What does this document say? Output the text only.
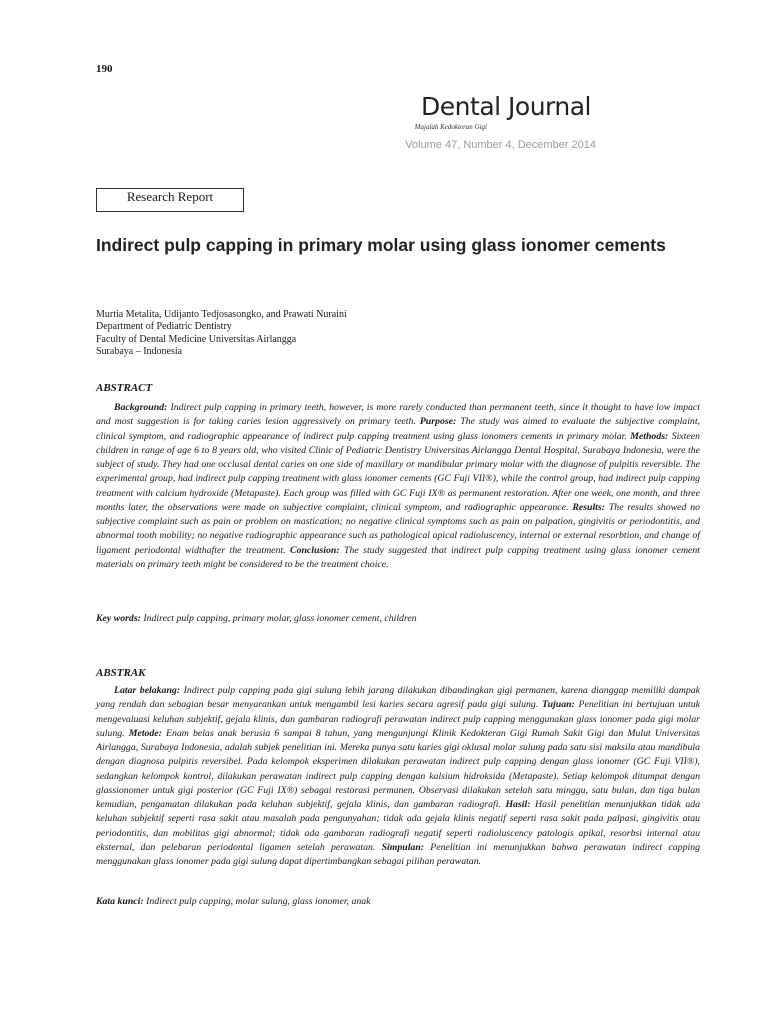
190
Dental Journal
Majalah Kedokteran Gigi
Volume 47, Number 4, December 2014
Research Report
Indirect pulp capping in primary molar using glass ionomer cements
Murtia Metalita, Udijanto Tedjosasongko, and Prawati Nuraini
Department of Pediatric Dentistry
Faculty of Dental Medicine Universitas Airlangga
Surabaya – Indonesia
ABSTRACT
Background: Indirect pulp capping in primary teeth, however, is more rarely conducted than permanent teeth, since it thought to have low impact and most suggestion is for taking caries lesion aggressively on primary teeth. Purpose: The study was aimed to evaluate the subjective complaint, clinical symptom, and radiographic appearance of indirect pulp capping treatment using glass ionomers cements in primary molar. Methods: Sixteen children in range of age 6 to 8 years old, who visited Clinic of Pediatric Dentistry Universitas Airlangga Dental Hospital, Surabaya Indonesia, were the subject of study. They had one occlusal dental caries on one side of maxillary or mandibular primary molar with the diagnose of pulpitis reversible. The experimental group, had indirect pulp capping treatment with glass ionomer cements (GC Fuji VII®), while the control group, had indirect pulp capping treatment with calcium hydroxide (Metapaste). Each group was filled with GC Fuji IX® as permanent restoration. After one week, one month, and three months later, the observations were made on subjective complaint, clinical symptom, and radiographic appearance. Results: The results showed no subjective complaint such as pain or problem on mastication; no negative clinical symptoms such as pain on palpation, gingivitis or periodontitis, and abnormal tooth mobility; no negative radiographic appearance such as pathological apical radioluscency, internal or external resorbtion, and change of ligament periodontal widthafter the treatment. Conclusion: The study suggested that indirect pulp capping treatment using glass ionomer cement materials on primary teeth might be considered to be the treatment choice.
Key words: Indirect pulp capping, primary molar, glass ionomer cement, children
ABSTRAK
Latar belakang: Indirect pulp capping pada gigi sulung lebih jarang dilakukan dibandingkan gigi permanen, karena dianggap memiliki dampak yang rendah dan sebagian besar menyarankan untuk mengambil lesi karies secara agresif pada gigi sulung. Tujuan: Penelitian ini bertujuan untuk mengevaluasi keluhan subjektif, gejala klinis, dan gambaran radiografi perawatan indirect pulp capping menggunakan glass ionomer pada gigi molar sulung. Metode: Enam belas anak berusia 6 sampai 8 tahun, yang mengunjungi Klinik Kedokteran Gigi Rumah Sakit Gigi dan Mulut Universitas Airlangga, Surabaya Indonesia, adalah subjek penelitian ini. Mereka punya satu karies gigi oklusal molar sulung pada satu sisi maksila atau mandibula dengan diagnosa pulpitis reversibel. Pada kelompok eksperimen dilakukan perawatan indirect pulp capping dengan glass ionomer (GC Fuji VII®), sedangkan kelompok kontrol, dilakukan perawatan indirect pulp capping dengan kalsium hidroksida (Metapaste). Setiap kelompok ditumpat dengan glassionomer untuk gigi posterior (GC Fuji IX®) sebagai restorasi permanen. Observasi dilakukan setelah satu minggu, satu bulan, dan tiga bulan kemudian, pengamatan dilakukan pada keluhan subjektif, gejala klinis, dan gambaran radiografi. Hasil: Hasil penelitian menunjukkan tidak ada keluhan subjektif seperti rasa sakit atau masalah pada pengunyahan; tidak ada gejala klinis negatif seperti rasa sakit pada palpasi, gingivitis atau periodontitis, dan mobilitas gigi abnormal; tidak ada gambaran radiografi negatif seperti radioluscency patologis apikal, resorbsi internal atau eksternal, dan pelebaran periodontal ligamen setelah perawatan. Simpulan: Penelitian ini menunjukkan bahwa perawatan indirect capping menggunakan glass ionomer pada gigi sulung dapat dipertimbangkan sebagai pilihan perawatan.
Kata kunci: Indirect pulp capping, molar sulung, glass ionomer, anak
